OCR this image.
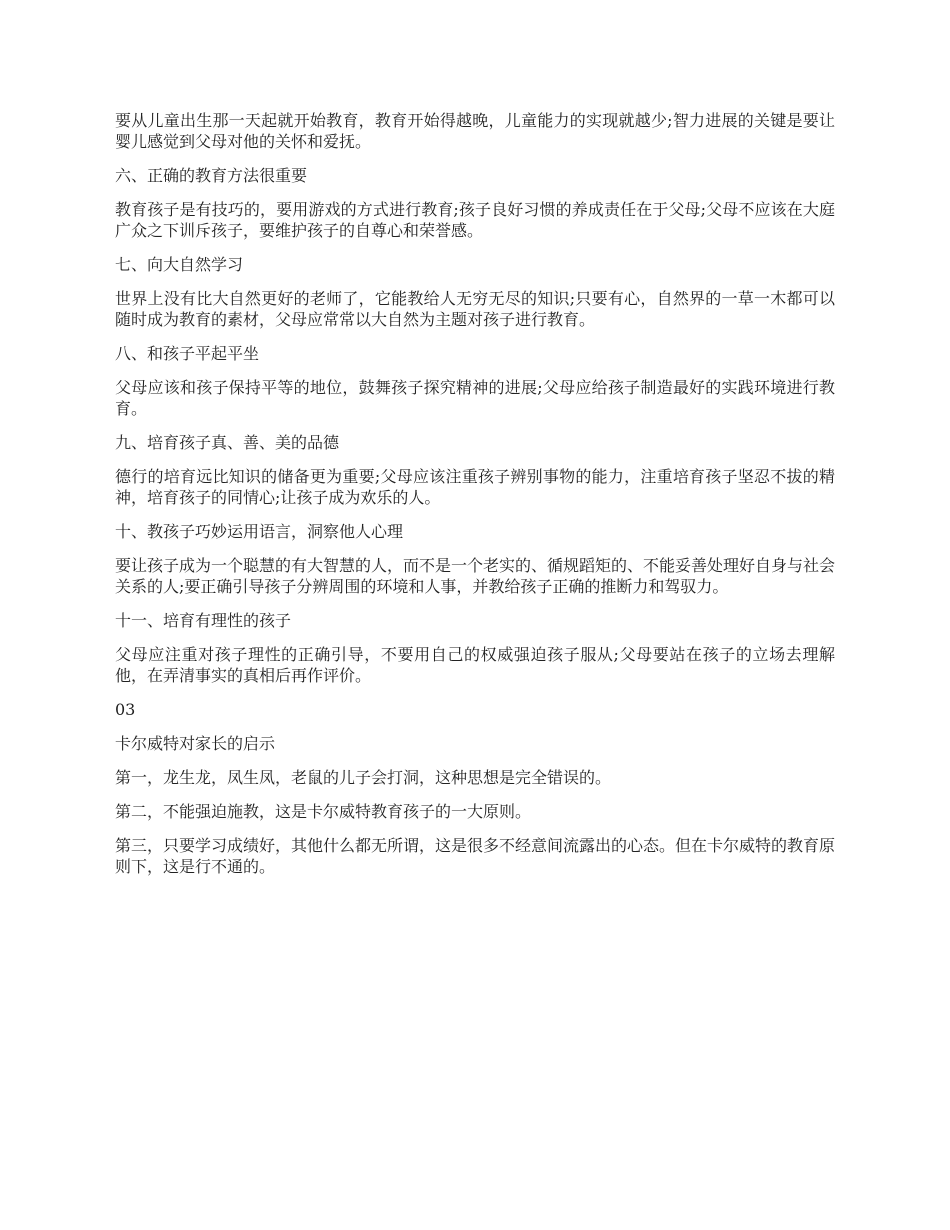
要从儿童出生那一天起就开始教育，教育开始得越晚，儿童能力的实现就越少;智力进展的关键是要让婴儿感觉到父母对他的关怀和爱抚。

六、正确的教育方法很重要

教育孩子是有技巧的，要用游戏的方式进行教育;孩子良好习惯的养成责任在于父母;父母不应该在大庭广众之下训斥孩子，要维护孩子的自尊心和荣誉感。

七、向大自然学习

世界上没有比大自然更好的老师了，它能教给人无穷无尽的知识;只要有心，自然界的一草一木都可以随时成为教育的素材，父母应常常以大自然为主题对孩子进行教育。

八、和孩子平起平坐

父母应该和孩子保持平等的地位，鼓舞孩子探究精神的进展;父母应给孩子制造最好的实践环境进行教育。

九、培育孩子真、善、美的品德

德行的培育远比知识的储备更为重要;父母应该注重孩子辨别事物的能力，注重培育孩子坚忍不拔的精神，培育孩子的同情心;让孩子成为欢乐的人。

十、教孩子巧妙运用语言，洞察他人心理

要让孩子成为一个聪慧的有大智慧的人，而不是一个老实的、循规蹈矩的、不能妥善处理好自身与社会关系的人;要正确引导孩子分辨周围的环境和人事，并教给孩子正确的推断力和驾驭力。

十一、培育有理性的孩子

父母应注重对孩子理性的正确引导，不要用自己的权威强迫孩子服从;父母要站在孩子的立场去理解他，在弄清事实的真相后再作评价。

03

卡尔威特对家长的启示

第一，龙生龙，凤生凤，老鼠的儿子会打洞，这种思想是完全错误的。

第二，不能强迫施教，这是卡尔威特教育孩子的一大原则。

第三，只要学习成绩好，其他什么都无所谓，这是很多不经意间流露出的心态。但在卡尔威特的教育原则下，这是行不通的。
